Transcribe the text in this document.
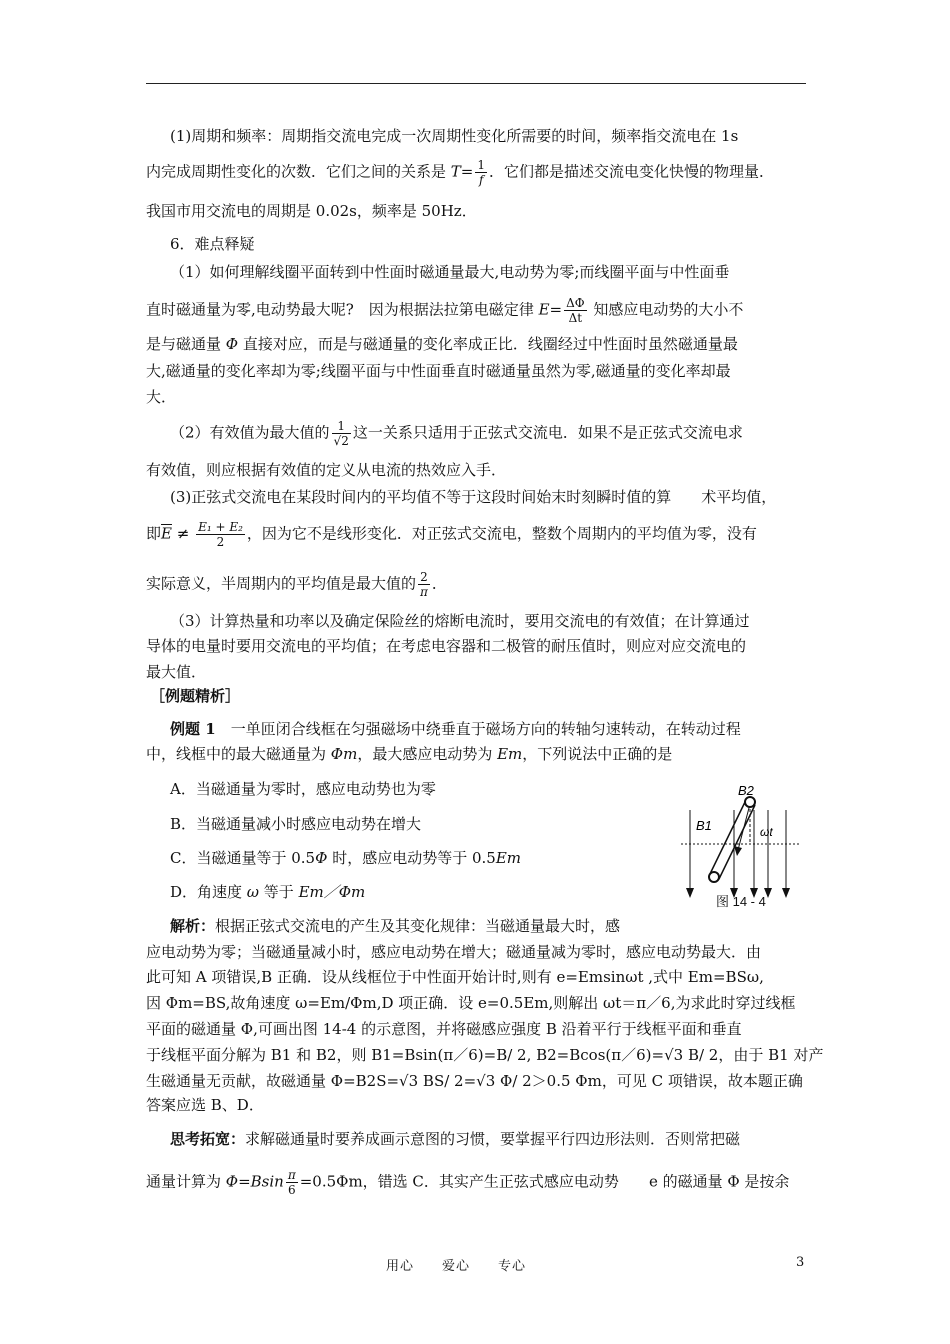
(1)周期和频率：周期指交流电完成一次周期性变化所需要的时间，频率指交流电在 1s
内完成周期性变化的次数．它们之间的关系是 $T= \frac{1}{f}$ ．它们都是描述交流电变化快慢的物理量．
我国市用交流电的周期是 0.02s，频率是 50Hz．
6．难点释疑
（1）如何理解线圈平面转到中性面时磁通量最大,电动势为零;而线圈平面与中性面垂
直时磁通量为零,电动势最大呢?　因为根据法拉第电磁定律 $E= \frac{\Delta\Phi}{\Delta t}$ 知感应电动势的大小不
是与磁通量 Φ 直接对应，而是与磁通量的变化率成正比．线圈经过中性面时虽然磁通量最
大,磁通量的变化率却为零;线圈平面与中性面垂直时磁通量虽然为零,磁通量的变化率却最
大．
（2）有效值为最大值的 $\frac{1}{√2}$ 这一关系只适用于正弦式交流电．如果不是正弦式交流电求
有效值，则应根据有效值的定义从电流的热效应入手．
(3)正弦式交流电在某段时间内的平均值不等于这段时间始末时刻瞬时值的算　　术平均值，
即$\overline{E} \ne \frac{\text{E₁ + E₂}}{2}$ ，因为它不是线形变化．对正弦式交流电，整数个周期内的平均值为零，没有
实际意义，半周期内的平均值是最大值的 $\frac{2}{\pi}$ ．
（3）计算热量和功率以及确定保险丝的熔断电流时，要用交流电的有效值；在计算通过
导体的电量时要用交流电的平均值；在考虑电容器和二极管的耐压值时，则应对应交流电的
最大值．
［例题精析］
例题 1　 一单匝闭合线框在匀强磁场中绕垂直于磁场方向的转轴匀速转动，在转动过程
中，线框中的最大磁通量为 Φm，最大感应电动势为 Em，下列说法中正确的是
A．当磁通量为零时，感应电动势也为零
B．当磁通量减小时感应电动势在增大
C．当磁通量等于 0.5Φ 时，感应电动势等于 0.5Em
D．角速度 ω 等于 Em／Φm
B2
B1	ωt
图 14 - 4
解析：根据正弦式交流电的产生及其变化规律：当磁通量最大时，感
应电动势为零；当磁通量减小时，感应电动势在增大；磁通量减为零时，感应电动势最大．由
此可知 A 项错误,B 正确．设从线框位于中性面开始计时,则有 e=Emsinωt ,式中 Em=BSω,
因 Φm=BS,故角速度 ω=Em/Φm,D 项正确．设 e=0.5Em,则解出 ωt＝π／6,为求此时穿过线框
平面的磁通量 Φ,可画出图 14-4 的示意图，并将磁感应强度 B 沿着平行于线框平面和垂直
于线框平面分解为 B1 和 B2，则 B1=Bsin(π／6)=B/ 2, B2=Bcos(π／6)=√3 B/ 2，由于 B1 对产
生磁通量无贡献，故磁通量 Φ=B2S=√3 BS/ 2=√3 Φ/ 2＞0.5 Φm，可见 C 项错误，故本题正确
答案应选 B、D．
思考拓宽：求解磁通量时要养成画示意图的习惯，要掌握平行四边形法则．否则常把磁
通量计算为 $\Phi=Bsin \frac{\pi}{6} =0.5\Phi m$，错选 C．其实产生正弦式感应电动势　　 e 的磁通量 Φ 是按余
用心　　爱心　　专心	3
